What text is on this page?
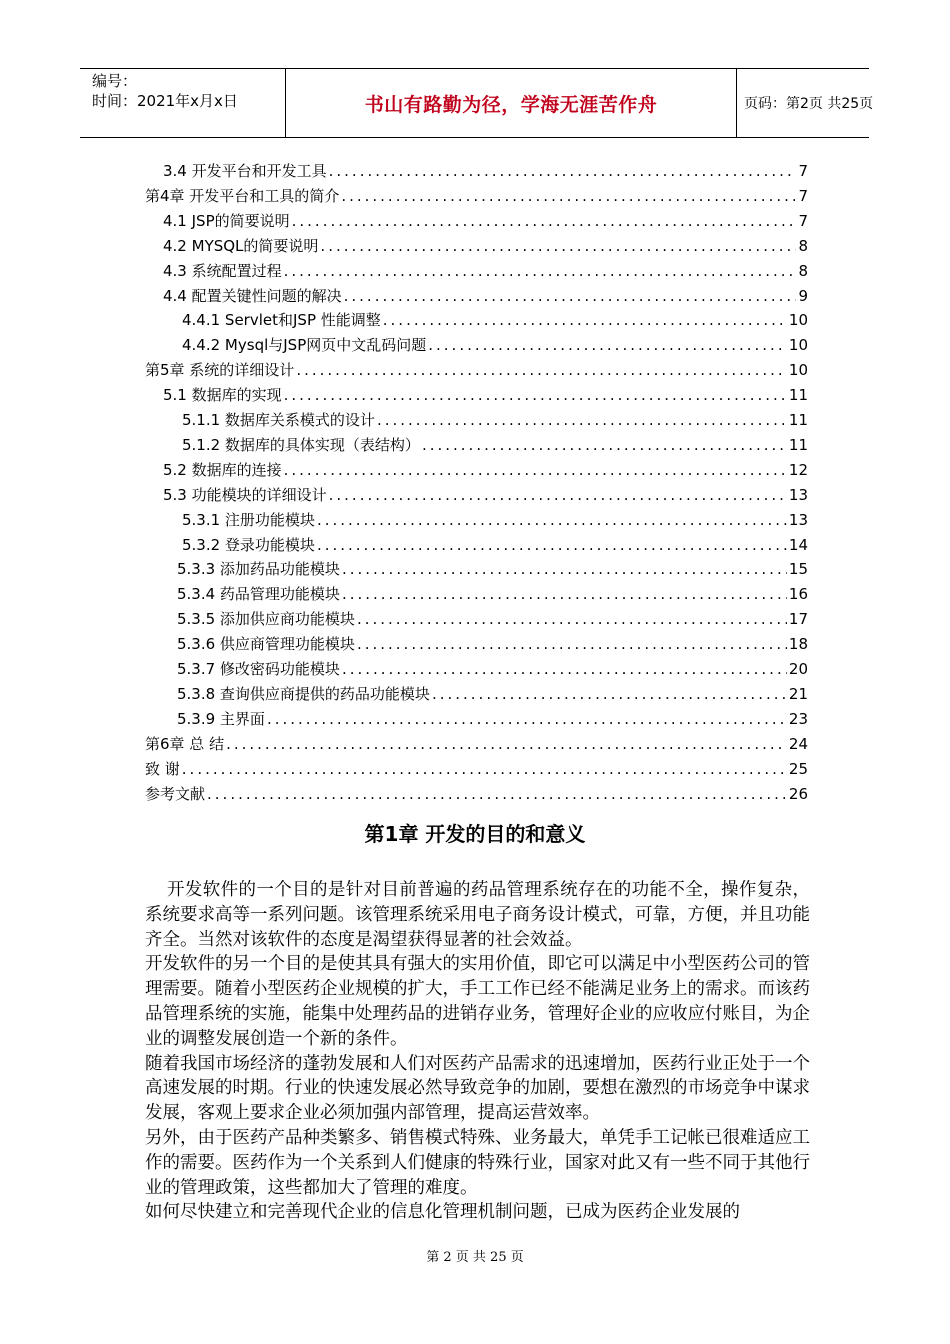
编号：
时间：2021年x月x日	书山有路勤为径，学海无涯苦作舟	页码：第2页 共25页
3.4 开发平台和开发工具 .....	7
第4章 开发平台和工具的简介 .....	7
4.1 JSP的简要说明 .....	7
4.2 MYSQL的简要说明 .....	8
4.3 系统配置过程 .....	8
4.4 配置关键性问题的解决 .....	9
4.4.1 Servlet和JSP 性能调整 .....	10
4.4.2 Mysql与JSP网页中文乱码问题 .....	10
第5章 系统的详细设计 .....	10
5.1 数据库的实现 .....	11
5.1.1 数据库关系模式的设计 .....	11
5.1.2 数据库的具体实现（表结构） .....	11
5.2 数据库的连接 .....	12
5.3 功能模块的详细设计 .....	13
5.3.1 注册功能模块 .....	13
5.3.2 登录功能模块 .....	14
5.3.3 添加药品功能模块 .....	15
5.3.4 药品管理功能模块 .....	16
5.3.5 添加供应商功能模块 .....	17
5.3.6 供应商管理功能模块 .....	18
5.3.7 修改密码功能模块 .....	20
5.3.8 查询供应商提供的药品功能模块 .....	21
5.3.9 主界面 .....	23
第6章 总 结 .....	24
致 谢 .....	25
参考文献 .....	26
第1章 开发的目的和意义

开发软件的一个目的是针对目前普遍的药品管理系统存在的功能不全，操作复杂，系统要求高等一系列问题。该管理系统采用电子商务设计模式，可靠，方便，并且功能齐全。当然对该软件的态度是渴望获得显著的社会效益。

开发软件的另一个目的是使其具有强大的实用价值，即它可以满足中小型医药公司的管理需要。随着小型医药企业规模的扩大，手工工作已经不能满足业务上的需求。而该药品管理系统的实施，能集中处理药品的进销存业务，管理好企业的应收应付账目，为企业的调整发展创造一个新的条件。

随着我国市场经济的蓬勃发展和人们对医药产品需求的迅速增加，医药行业正处于一个高速发展的时期。行业的快速发展必然导致竞争的加剧，要想在激烈的市场竞争中谋求发展，客观上要求企业必须加强内部管理，提高运营效率。

另外，由于医药产品种类繁多、销售模式特殊、业务最大，单凭手工记帐已很难适应工作的需要。医药作为一个关系到人们健康的特殊行业，国家对此又有一些不同于其他行业的管理政策，这些都加大了管理的难度。

如何尽快建立和完善现代企业的信息化管理机制问题，已成为医药企业发展的

第 2 页 共 25 页
